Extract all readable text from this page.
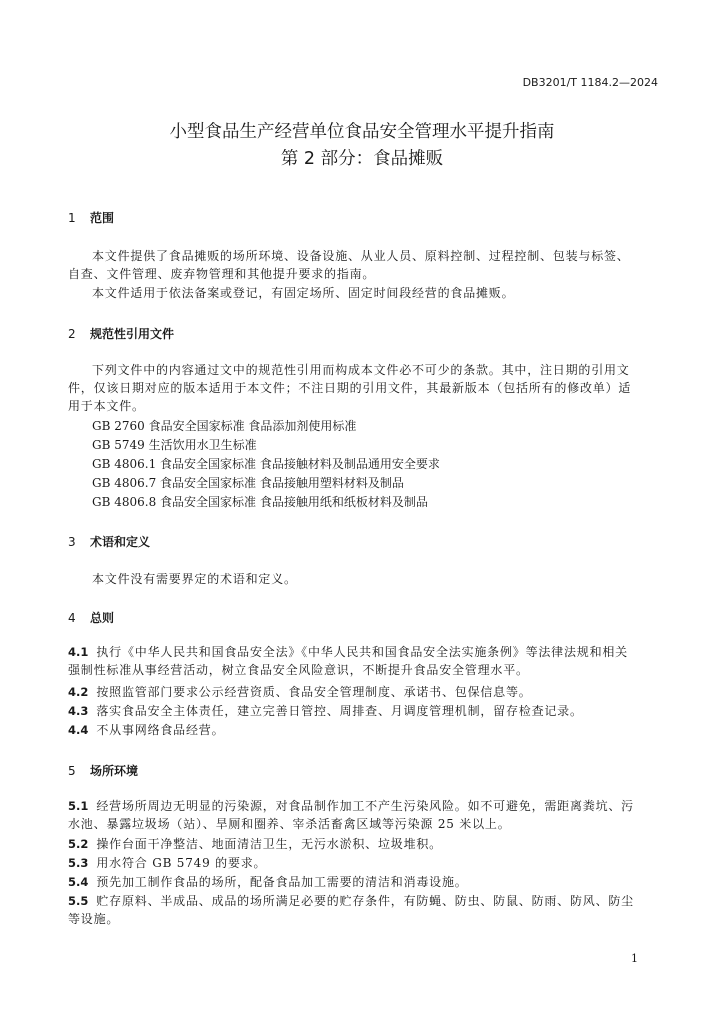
DB3201/T 1184.2—2024
小型食品生产经营单位食品安全管理水平提升指南
第 2 部分：食品摊贩
1 范围
本文件提供了食品摊贩的场所环境、设备设施、从业人员、原料控制、过程控制、包装与标签、自查、文件管理、废弃物管理和其他提升要求的指南。
本文件适用于依法备案或登记，有固定场所、固定时间段经营的食品摊贩。
2 规范性引用文件
下列文件中的内容通过文中的规范性引用而构成本文件必不可少的条款。其中，注日期的引用文件，仅该日期对应的版本适用于本文件；不注日期的引用文件，其最新版本（包括所有的修改单）适用于本文件。
GB 2760 食品安全国家标准 食品添加剂使用标准
GB 5749 生活饮用水卫生标准
GB 4806.1 食品安全国家标准 食品接触材料及制品通用安全要求
GB 4806.7 食品安全国家标准 食品接触用塑料材料及制品
GB 4806.8 食品安全国家标准 食品接触用纸和纸板材料及制品
3 术语和定义
本文件没有需要界定的术语和定义。
4 总则
4.1 执行《中华人民共和国食品安全法》《中华人民共和国食品安全法实施条例》等法律法规和相关强制性标准从事经营活动，树立食品安全风险意识，不断提升食品安全管理水平。
4.2 按照监管部门要求公示经营资质、食品安全管理制度、承诺书、包保信息等。
4.3 落实食品安全主体责任，建立完善日管控、周排查、月调度管理机制，留存检查记录。
4.4 不从事网络食品经营。
5 场所环境
5.1 经营场所周边无明显的污染源，对食品制作加工不产生污染风险。如不可避免，需距离粪坑、污水池、暴露垃圾场（站）、旱厕和圈养、宰杀活畜禽区域等污染源 25 米以上。
5.2 操作台面干净整洁、地面清洁卫生，无污水淤积、垃圾堆积。
5.3 用水符合 GB 5749 的要求。
5.4 预先加工制作食品的场所，配备食品加工需要的清洁和消毒设施。
5.5 贮存原料、半成品、成品的场所满足必要的贮存条件，有防蝇、防虫、防鼠、防雨、防风、防尘等设施。
1
